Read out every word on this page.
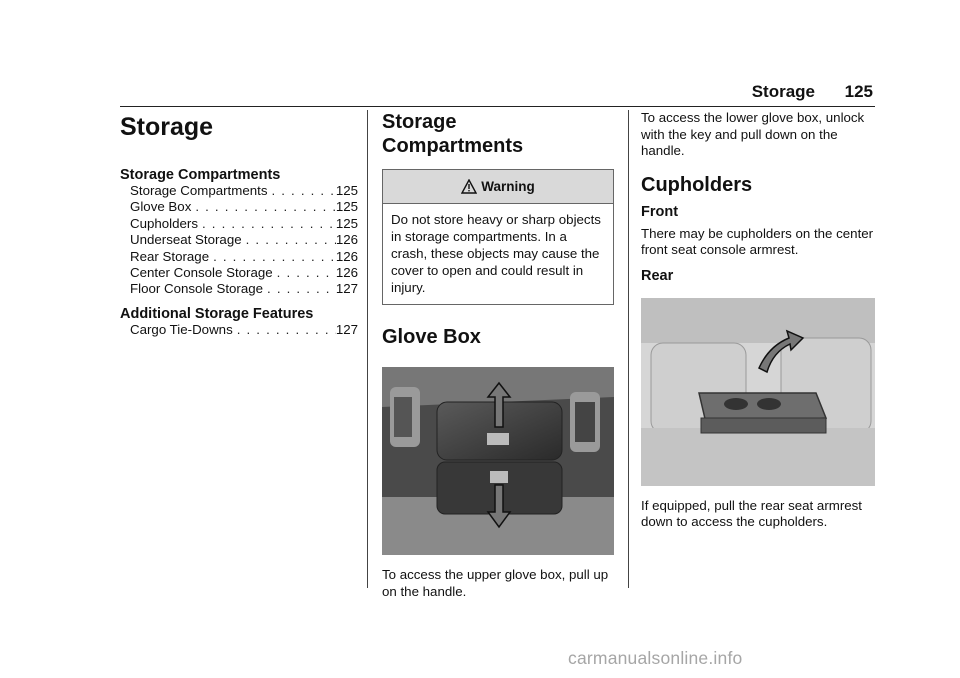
Storage 125
Storage
Storage Compartments
Storage Compartments . . .	125
Glove Box . . .	125
Cupholders . . .	125
Underseat Storage . . .	126
Rear Storage . . .	126
Center Console Storage . . .	126
Floor Console Storage . . .	127
Additional Storage Features
Cargo Tie-Downs . . .	127
Storage
Compartments
Warning
Do not store heavy or sharp objects in storage compartments. In a crash, these objects may cause the cover to open and could result in injury.
Glove Box

To access the upper glove box, pull up on the handle.

To access the lower glove box, unlock with the key and pull down on the handle.

Cupholders
Front

There may be cupholders on the center front seat console armrest.

Rear

If equipped, pull the rear seat armrest down to access the cupholders.

carmanualsonline.info
